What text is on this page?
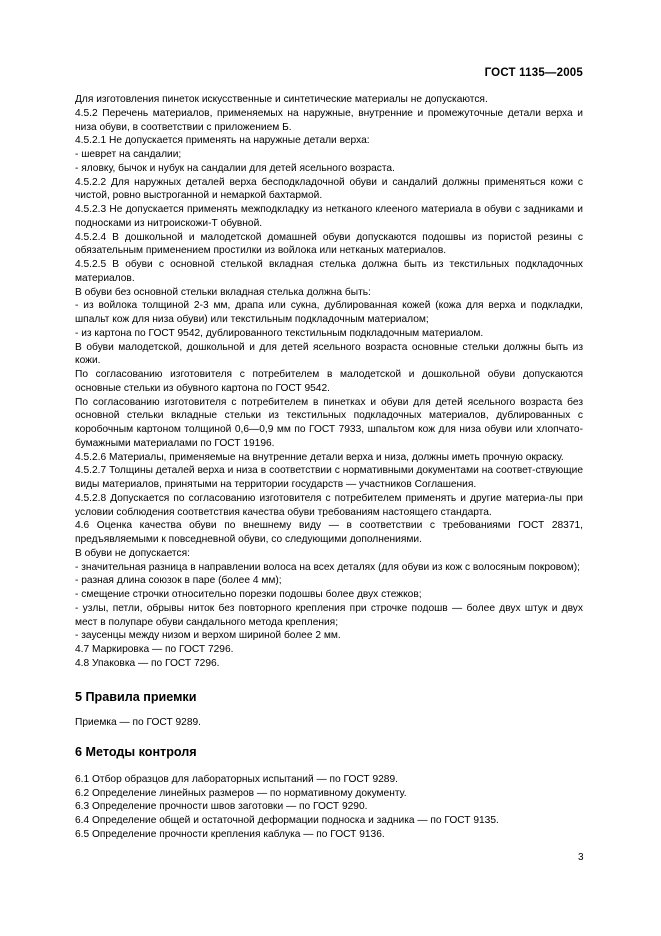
ГОСТ 1135—2005

Для изготовления пинеток искусственные и синтетические материалы не допускаются.

4.5.2 Перечень материалов, применяемых на наружные, внутренние и промежуточные детали верха и низа обуви, в соответствии с приложением Б.

4.5.2.1 Не допускается применять на наружные детали верха:

- шеврет на сандалии;

- яловку, бычок и нубук на сандалии для детей ясельного возраста.

4.5.2.2 Для наружных деталей верха бесподкладочной обуви и сандалий должны применяться кожи с чистой, ровно выстроганной и немаркой бахтармой.

4.5.2.3 Не допускается применять межподкладку из нетканого клееного материала в обуви с задниками и подносками из нитроискожи-Т обувной.

4.5.2.4 В дошкольной и малодетской домашней обуви допускаются подошвы из пористой резины с обязательным применением простилки из войлока или нетканых материалов.

4.5.2.5 В обуви с основной стелькой вкладная стелька должна быть из текстильных подкладочных материалов.

В обуви без основной стельки вкладная стелька должна быть:

- из войлока толщиной 2-3 мм, драпа или сукна, дублированная кожей (кожа для верха и подкладки, шпальт кож для низа обуви) или текстильным подкладочным материалом;

- из картона по ГОСТ 9542, дублированного текстильным подкладочным материалом.

В обуви малодетской, дошкольной и для детей ясельного возраста основные стельки должны быть из кожи.

По согласованию изготовителя с потребителем в малодетской и дошкольной обуви допускаются основные стельки из обувного картона по ГОСТ 9542.

По согласованию изготовителя с потребителем в пинетках и обуви для детей ясельного возраста без основной стельки вкладные стельки из текстильных подкладочных материалов, дублированных с коробочным картоном толщиной 0,6—0,9 мм по ГОСТ 7933, шпальтом кож для низа обуви или хлопчато-бумажными материалами по ГОСТ 19196.

4.5.2.6 Материалы, применяемые на внутренние детали верха и низа, должны иметь прочную окраску.

4.5.2.7 Толщины деталей верха и низа в соответствии с нормативными документами на соответ-ствующие виды материалов, принятыми на территории государств — участников Соглашения.

4.5.2.8 Допускается по согласованию изготовителя с потребителем применять и другие материа-лы при условии соблюдения соответствия качества обуви требованиям настоящего стандарта.

4.6 Оценка качества обуви по внешнему виду — в соответствии с требованиями ГОСТ 28371, предъявляемыми к повседневной обуви, со следующими дополнениями.

В обуви не допускается:

- значительная разница в направлении волоса на всех деталях (для обуви из кож с волосяным покровом);

- разная длина союзок в паре (более 4 мм);

- смещение строчки относительно порезки подошвы более двух стежков;

- узлы, петли, обрывы ниток без повторного крепления при строчке подошв — более двух штук и двух мест в полупаре обуви сандального метода крепления;

- заусенцы между низом и верхом шириной более 2 мм.

4.7 Маркировка — по ГОСТ 7296.

4.8 Упаковка — по ГОСТ 7296.

5 Правила приемки

Приемка — по ГОСТ 9289.

6 Методы контроля

6.1 Отбор образцов для лабораторных испытаний — по ГОСТ 9289.

6.2 Определение линейных размеров — по нормативному документу.

6.3 Определение прочности швов заготовки — по ГОСТ 9290.

6.4 Определение общей и остаточной деформации подноска и задника — по ГОСТ 9135.

6.5 Определение прочности крепления каблука — по ГОСТ 9136.

3
